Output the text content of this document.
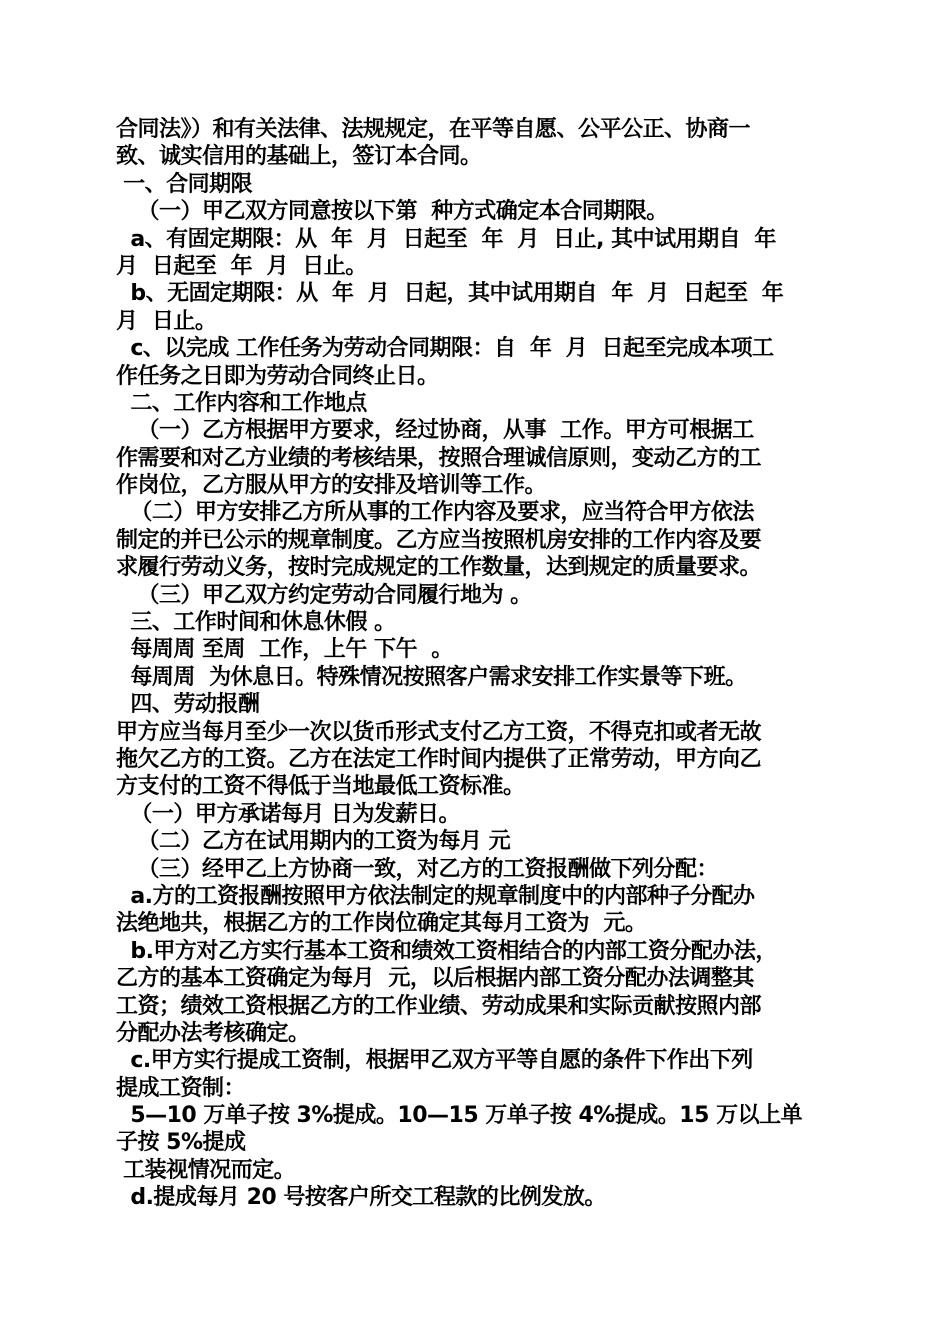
合同法》）和有关法律、法规规定，在平等自愿、公平公正、协商一
致、诚实信用的基础上，签订本合同。
一、合同期限
（一）甲乙双方同意按以下第  种方式确定本合同期限。
a、有固定期限：从  年  月  日起至  年  月  日止, 其中试用期自  年
月  日起至  年  月  日止。
b、无固定期限：从  年  月  日起，其中试用期自  年  月  日起至  年
月  日止。
c、以完成 工作任务为劳动合同期限：自  年  月  日起至完成本项工
作任务之日即为劳动合同终止日。
二、工作内容和工作地点
（一）乙方根据甲方要求，经过协商，从事  工作。甲方可根据工
作需要和对乙方业绩的考核结果，按照合理诚信原则，变动乙方的工
作岗位，乙方服从甲方的安排及培训等工作。
（二）甲方安排乙方所从事的工作内容及要求，应当符合甲方依法
制定的并已公示的规章制度。乙方应当按照机房安排的工作内容及要
求履行劳动义务，按时完成规定的工作数量，达到规定的质量要求。
（三）甲乙双方约定劳动合同履行地为 。
三、工作时间和休息休假 。
每周周 至周  工作，上午 下午  。
每周周  为休息日。特殊情况按照客户需求安排工作实景等下班。
四、劳动报酬
甲方应当每月至少一次以货币形式支付乙方工资，不得克扣或者无故
拖欠乙方的工资。乙方在法定工作时间内提供了正常劳动，甲方向乙
方支付的工资不得低于当地最低工资标准。
（一）甲方承诺每月 日为发薪日。
（二）乙方在试用期内的工资为每月 元
（三）经甲乙上方协商一致，对乙方的工资报酬做下列分配：
a.方的工资报酬按照甲方依法制定的规章制度中的内部种子分配办
法绝地共，根据乙方的工作岗位确定其每月工资为  元。
b.甲方对乙方实行基本工资和绩效工资相结合的内部工资分配办法，
乙方的基本工资确定为每月  元，以后根据内部工资分配办法调整其
工资；绩效工资根据乙方的工作业绩、劳动成果和实际贡献按照内部
分配办法考核确定。
c.甲方实行提成工资制，根据甲乙双方平等自愿的条件下作出下列
提成工资制：
5—10 万单子按 3%提成。10—15 万单子按 4%提成。15 万以上单
子按 5%提成
工装视情况而定。
d.提成每月 20 号按客户所交工程款的比例发放。
